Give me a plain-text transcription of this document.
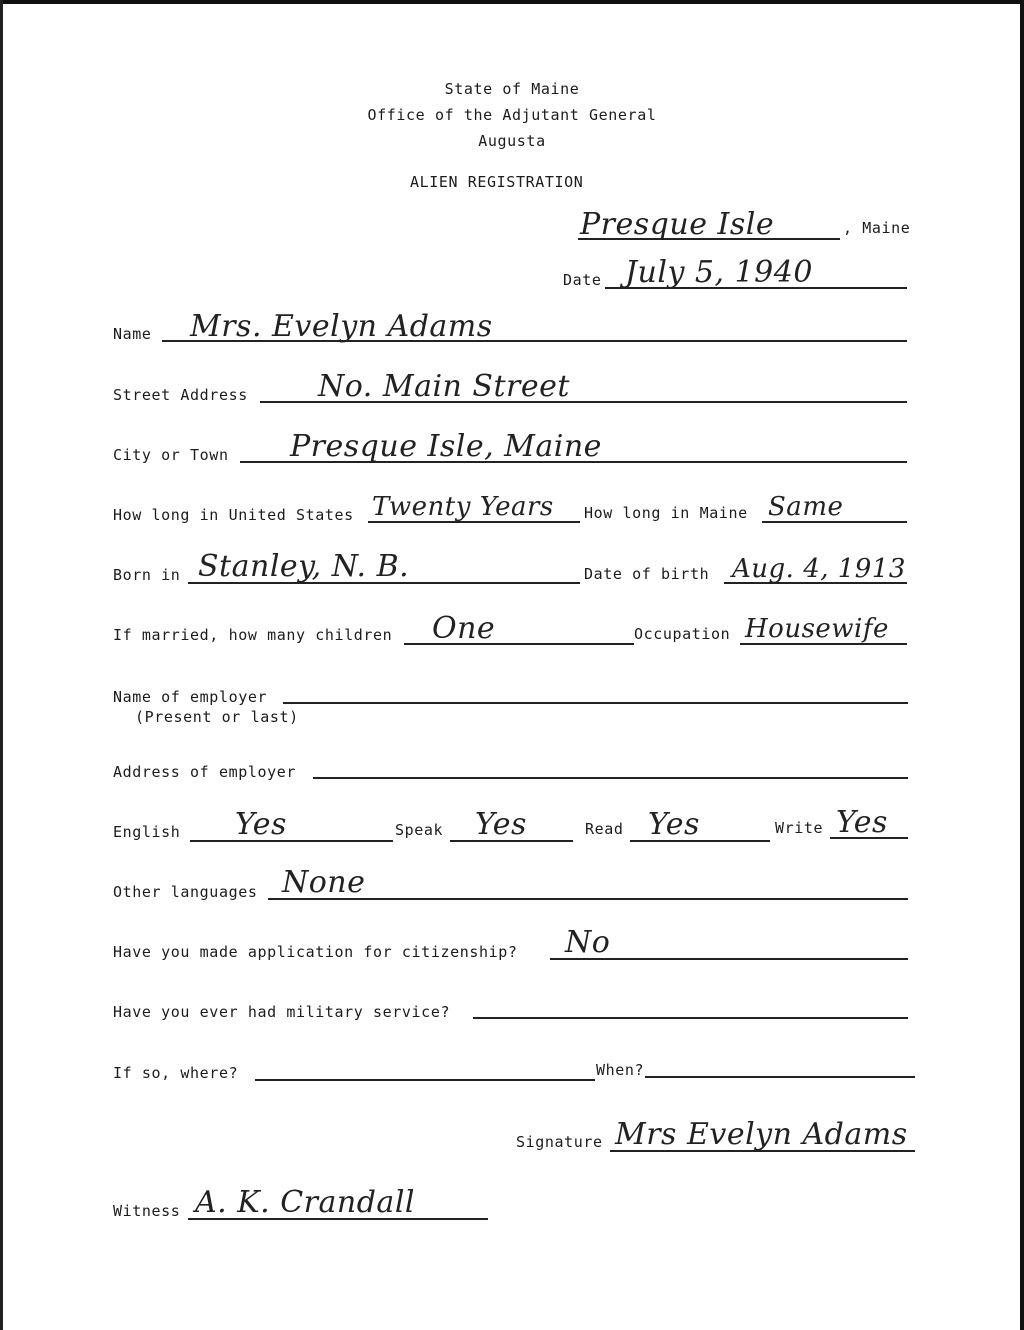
State of Maine
Office of the Adjutant General
Augusta
ALIEN REGISTRATION
Presque Isle	, Maine
Date July 5, 1940
Name Mrs. Evelyn Adams
Street Address No. Main Street
City or Town Presque Isle, Maine
How long in United States Twenty Years How long in Maine Same
Born in Stanley, N. B.	Date of birth Aug. 4, 1913
If married, how many children One	Occupation Housewife
Name of employer
(Present or last)
Address of employer
English Yes	Speak Yes	Read Yes	Write Yes
Other languages None
Have you made application for citizenship? No
Have you ever had military service?
If so, where?	When?
Signature Mrs Evelyn Adams
Witness A. K. Crandall
